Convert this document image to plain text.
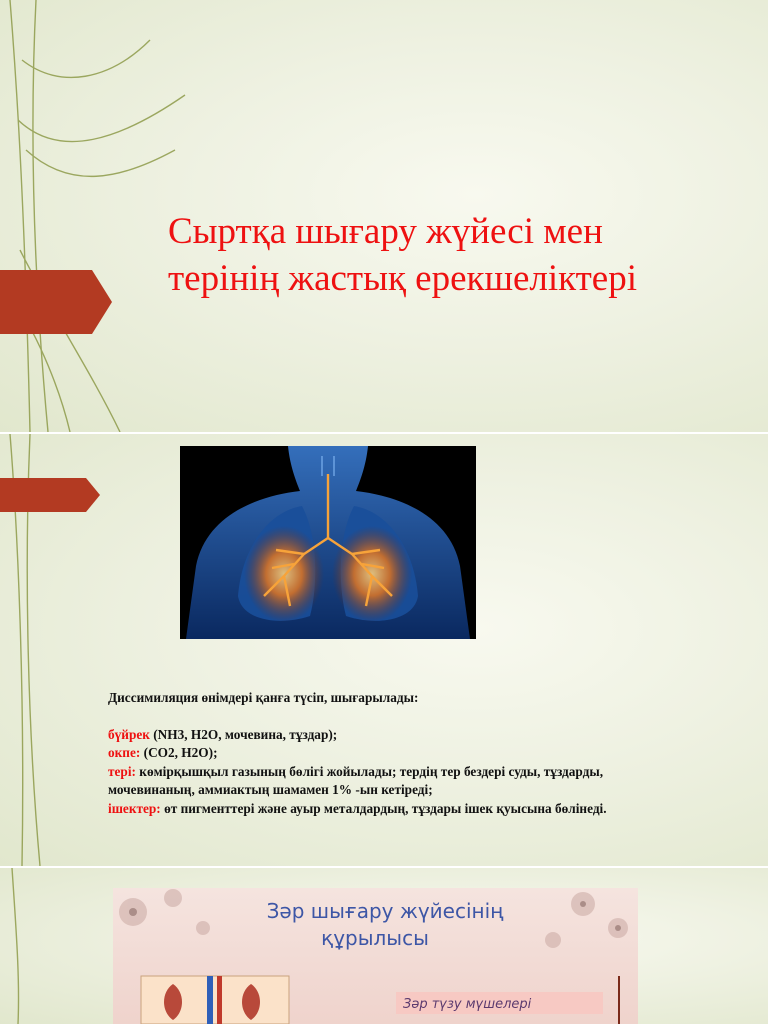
Сыртқа шығару жүйесі мен
терінің жастық ерекшеліктері

Диссимиляция өнімдері қанға түсіп, шығарылады:

бүйрек (NH3, H2O, мочевина, тұздар);

окпе: (CO2, H2O);

тері: көмірқышқыл газының бөлігі жойылады; тердің тер бездері суды, тұздарды, мочевинаның, аммиактың шамамен 1% -ын кетіреді;

ішектер: өт пигменттері және ауыр металдардың, тұздары ішек қуысына бөлінеді.

Зәр шығару жүйесінің
құрылысы
Зәр түзу мүшелері
